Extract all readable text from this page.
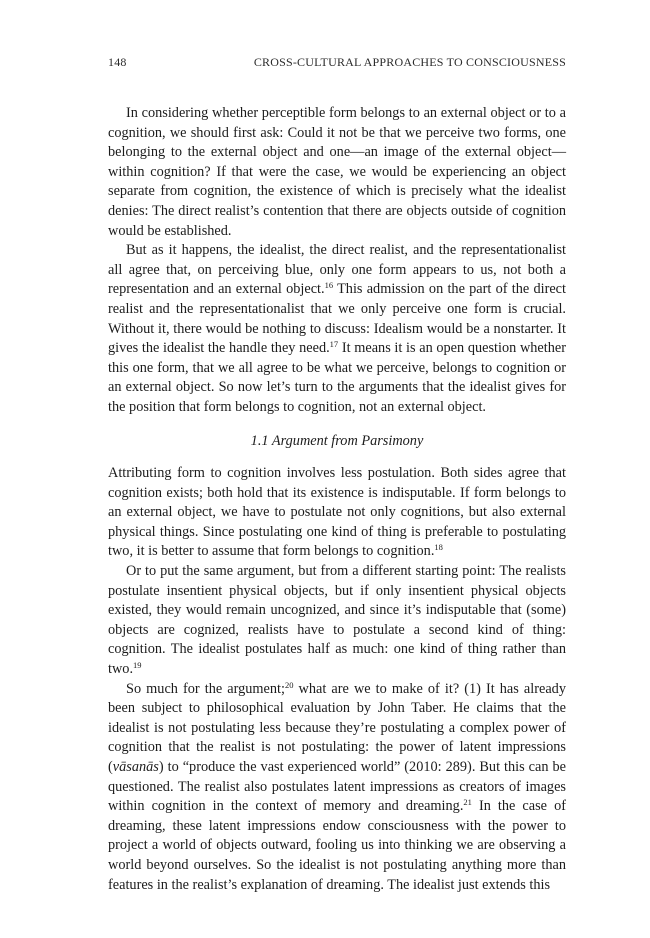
148	CROSS-CULTURAL APPROACHES TO CONSCIOUSNESS

In considering whether perceptible form belongs to an external object or to a cognition, we should first ask: Could it not be that we perceive two forms, one belonging to the external object and one—an image of the external object—within cognition? If that were the case, we would be experiencing an object separate from cognition, the existence of which is precisely what the idealist denies: The direct realist’s contention that there are objects outside of cognition would be established.

But as it happens, the idealist, the direct realist, and the representationalist all agree that, on perceiving blue, only one form appears to us, not both a representation and an external object.$^{16}$ This admission on the part of the direct realist and the representationalist that we only perceive one form is crucial. Without it, there would be nothing to discuss: Idealism would be a nonstarter. It gives the idealist the handle they need.$^{17}$ It means it is an open question whether this one form, that we all agree to be what we perceive, belongs to cognition or an external object. So now let’s turn to the arguments that the idealist gives for the position that form belongs to cognition, not an external object.

1.1 Argument from Parsimony

Attributing form to cognition involves less postulation. Both sides agree that cognition exists; both hold that its existence is indisputable. If form belongs to an external object, we have to postulate not only cognitions, but also external physical things. Since postulating one kind of thing is preferable to postulating two, it is better to assume that form belongs to cognition.$^{18}$

Or to put the same argument, but from a different starting point: The realists postulate insentient physical objects, but if only insentient physical objects existed, they would remain uncognized, and since it’s indisputable that (some) objects are cognized, realists have to postulate a second kind of thing: cognition. The idealist postulates half as much: one kind of thing rather than two.$^{19}$

So much for the argument;$^{20}$ what are we to make of it? (1) It has already been subject to philosophical evaluation by John Taber. He claims that the idealist is not postulating less because they’re postulating a complex power of cognition that the realist is not postulating: the power of latent impressions (vāsanās) to “produce the vast experienced world” (2010: 289). But this can be questioned. The realist also postulates latent impressions as creators of images within cognition in the context of memory and dreaming.$^{21}$ In the case of dreaming, these latent impressions endow consciousness with the power to project a world of objects outward, fooling us into thinking we are observing a world beyond ourselves. So the idealist is not postulating anything more than features in the realist’s explanation of dreaming. The idealist just extends this
